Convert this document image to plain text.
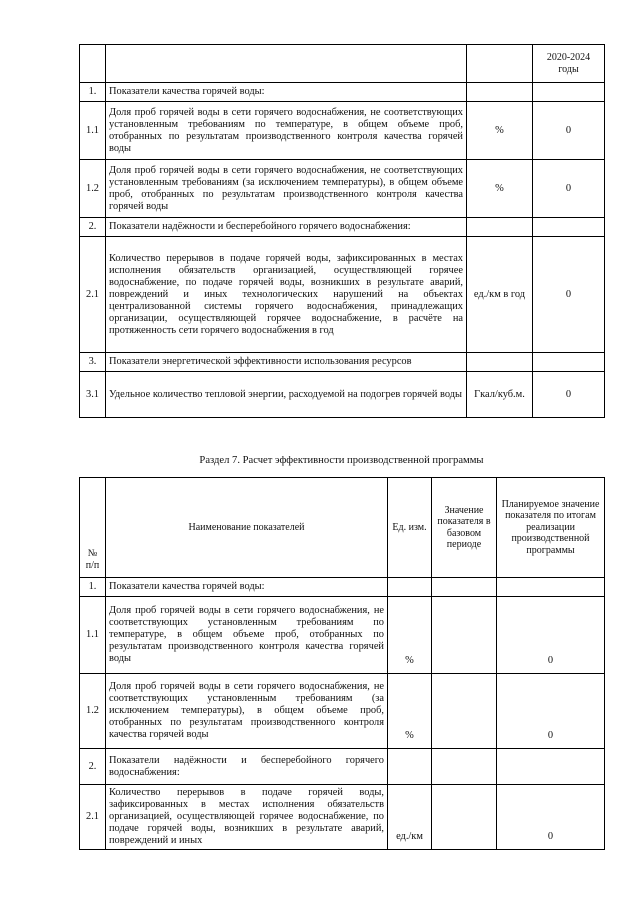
			2020-2024 годы
1.	Показатели качества горячей воды:		
1.1	Доля проб горячей воды в сети горячего водоснабжения, не соответствующих установленным требованиям по температуре, в общем объеме проб, отобранных по результатам производственного контроля качества горячей воды	%	0
1.2	Доля проб горячей воды в сети горячего водоснабжения, не соответствующих установленным требованиям (за исключением температуры), в общем объеме проб, отобранных по результатам производственного контроля качества горячей воды	%	0
2.	Показатели надёжности и бесперебойного горячего водоснабжения:		
2.1	Количество перерывов в подаче горячей воды, зафиксированных в местах исполнения обязательств организацией, осуществляющей горячее водоснабжение, по подаче горячей воды, возникших в результате аварий, повреждений и иных технологических нарушений на объектах централизованной системы горячего водоснабжения, принадлежащих организации, осуществляющей горячее водоснабжение, в расчёте на протяженность сети горячего водоснабжения в год	ед./км в год	0
3.	Показатели энергетической эффективности использования ресурсов		
3.1	Удельное количество тепловой энергии, расходуемой на подогрев горячей воды	Гкал/куб.м.	0
Раздел 7. Расчет эффективности производственной программы
№ п/п	Наименование показателей	Ед. изм.	Значение показателя в базовом периоде	Планируемое значение показателя по итогам реализации производственной программы
1.	Показатели качества горячей воды:			
1.1	Доля проб горячей воды в сети горячего водоснабжения, не соответствующих установленным требованиям по температуре, в общем объеме проб, отобранных по результатам производственного контроля качества горячей воды	%		0
1.2	Доля проб горячей воды в сети горячего водоснабжения, не соответствующих установленным требованиям (за исключением температуры), в общем объеме проб, отобранных по результатам производственного контроля качества горячей воды	%		0
2.	Показатели надёжности и бесперебойного горячего водоснабжения:			
2.1	Количество перерывов в подаче горячей воды, зафиксированных в местах исполнения обязательств организацией, осуществляющей горячее водоснабжение, по подаче горячей воды, возникших в результате аварий, повреждений и иных	ед./км		0
